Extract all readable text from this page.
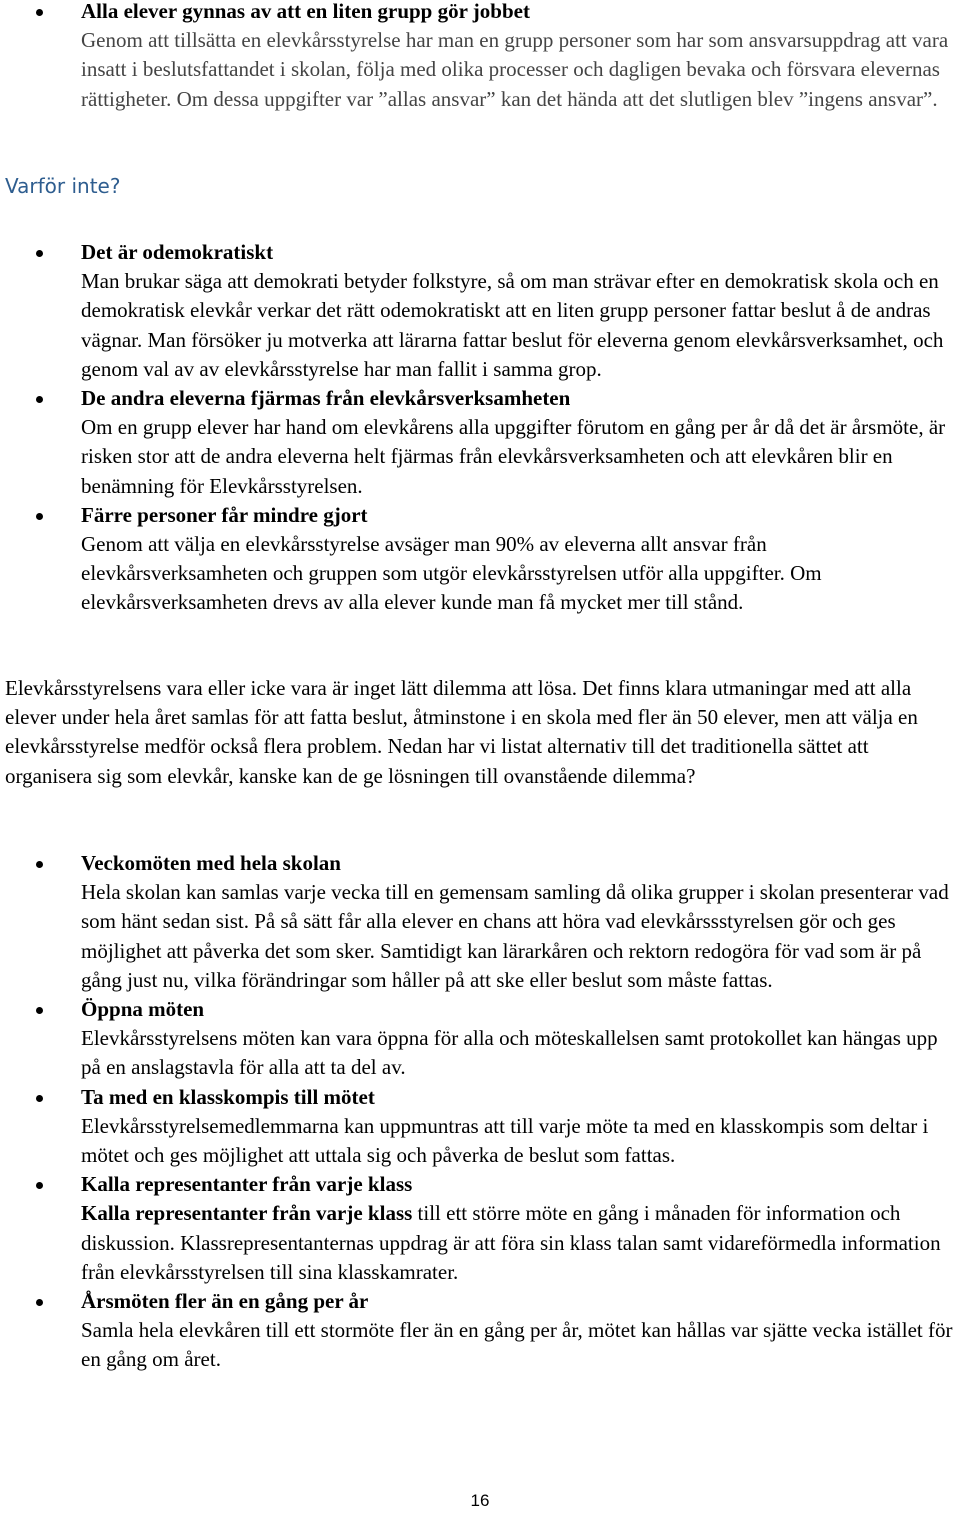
Alla elever gynnas av att en liten grupp gör jobbet
Genom att tillsätta en elevkårsstyrelse har man en grupp personer som har som ansvarsuppdrag att vara insatt i beslutsfattandet i skolan, följa med olika processer och dagligen bevaka och försvara elevernas rättigheter. Om dessa uppgifter var ”allas ansvar” kan det hända att det slutligen blev ”ingens ansvar”.
Varför inte?
Det är odemokratiskt
Man brukar säga att demokrati betyder folkstyre, så om man strävar efter en demokratisk skola och en demokratisk elevkår verkar det rätt odemokratiskt att en liten grupp personer fattar beslut å de andras vägnar. Man försöker ju motverka att lärarna fattar beslut för eleverna genom elevkårsverksamhet, och genom val av av elevkårsstyrelse har man fallit i samma grop.
De andra eleverna fjärmas från elevkårsverksamheten
Om en grupp elever har hand om elevkårens alla upggifter förutom en gång per år då det är årsmöte, är risken stor att de andra eleverna helt fjärmas från elevkårsverksamheten och att elevkåren blir en benämning för Elevkårsstyrelsen.
Färre personer får mindre gjort
Genom att välja en elevkårsstyrelse avsäger man 90% av eleverna allt ansvar från elevkårsverksamheten och gruppen som utgör elevkårsstyrelsen utför alla uppgifter. Om elevkårsverksamheten drevs av alla elever kunde man få mycket mer till stånd.
Elevkårsstyrelsens vara eller icke vara är inget lätt dilemma att lösa. Det finns klara utmaningar med att alla elever under hela året samlas för att fatta beslut, åtminstone i en skola med fler än 50 elever, men att välja en elevkårsstyrelse medför också flera problem. Nedan har vi listat alternativ till det traditionella sättet att organisera sig som elevkår, kanske kan de ge lösningen till ovanstående dilemma?
Veckomöten med hela skolan
Hela skolan kan samlas varje vecka till en gemensam samling då olika grupper i skolan presenterar vad som hänt sedan sist. På så sätt får alla elever en chans att höra vad elevkårssstyrelsen gör och ges möjlighet att påverka det som sker. Samtidigt kan lärarkåren och rektorn redogöra för vad som är på gång just nu, vilka förändringar som håller på att ske eller beslut som måste fattas.
Öppna möten
Elevkårsstyrelsens möten kan vara öppna för alla och möteskallelsen samt protokollet kan hängas upp på en anslagstavla för alla att ta del av.
Ta med en klasskompis till mötet
Elevkårsstyrelsemedlemmarna kan uppmuntras att till varje möte ta med en klasskompis som deltar i mötet och ges möjlighet att uttala sig och påverka de beslut som fattas.
Kalla representanter från varje klass
Kalla representanter från varje klass till ett större möte en gång i månaden för information och diskussion. Klassrepresentanternas uppdrag är att föra sin klass talan samt vidareförmedla information från elevkårsstyrelsen till sina klasskamrater.
Årsmöten fler än en gång per år
Samla hela elevkåren till ett stormöte fler än en gång per år, mötet kan hållas var sjätte vecka istället för en gång om året.
16
